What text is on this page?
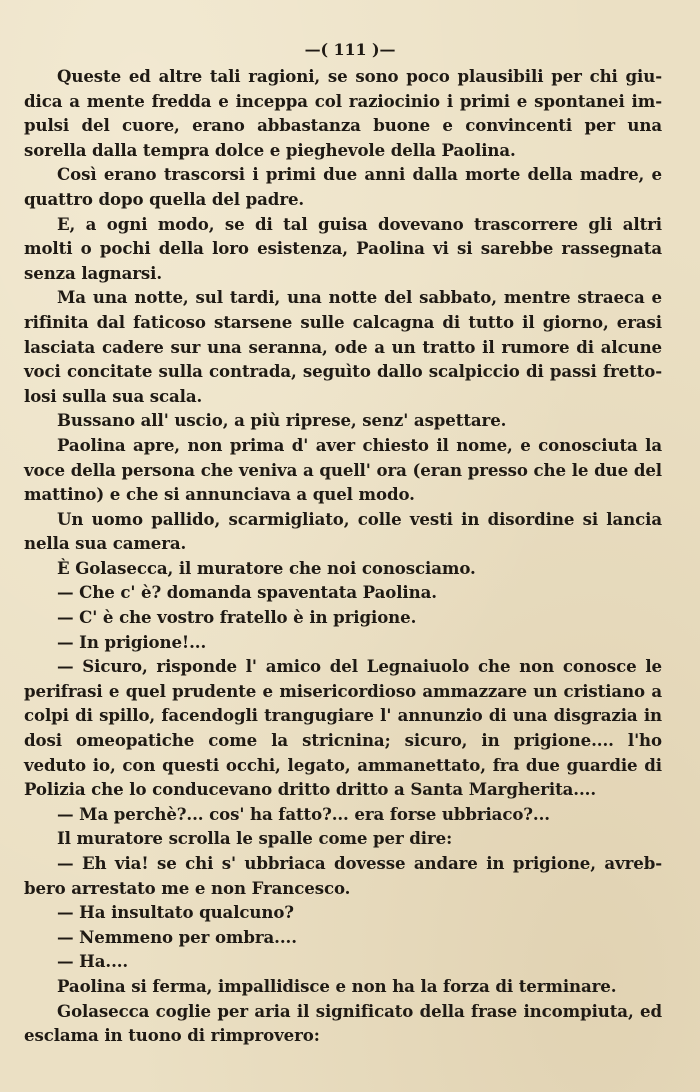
—( 111 )—

Queste ed altre tali ragioni, se sono poco plausibili per chi giu-dica a mente fredda e inceppa col raziocinio i primi e spontanei im-pulsi del cuore, erano abbastanza buone e convincenti per una sorella dalla tempra dolce e pieghevole della Paolina.

Così erano trascorsi i primi due anni dalla morte della madre, e quattro dopo quella del padre.

E, a ogni modo, se di tal guisa dovevano trascorrere gli altri molti o pochi della loro esistenza, Paolina vi si sarebbe rassegnata senza lagnarsi.

Ma una notte, sul tardi, una notte del sabbato, mentre straeca e rifinita dal faticoso starsene sulle calcagna di tutto il giorno, erasi lasciata cadere sur una seranna, ode a un tratto il rumore di alcune voci concitate sulla contrada, seguìto dallo scalpiccio di passi fretto-losi sulla sua scala.

Bussano all' uscio, a più riprese, senz' aspettare.

Paolina apre, non prima d' aver chiesto il nome, e conosciuta la voce della persona che veniva a quell' ora (eran presso che le due del mattino) e che si annunciava a quel modo.

Un uomo pallido, scarmigliato, colle vesti in disordine si lancia nella sua camera.

È Golasecca, il muratore che noi conosciamo.

— Che c' è? domanda spaventata Paolina.

— C' è che vostro fratello è in prigione.

— In prigione!...

— Sicuro, risponde l' amico del Legnaiuolo che non conosce le perifrasi e quel prudente e misericordioso ammazzare un cristiano a colpi di spillo, facendogli trangugiare l' annunzio di una disgrazia in dosi omeopatiche come la stricnina; sicuro, in prigione.... l'ho veduto io, con questi occhi, legato, ammanettato, fra due guardie di Polizia che lo conducevano dritto dritto a Santa Margherita....

— Ma perchè?... cos' ha fatto?... era forse ubbriaco?...

Il muratore scrolla le spalle come per dire:

— Eh via! se chi s' ubbriaca dovesse andare in prigione, avreb-bero arrestato me e non Francesco.

— Ha insultato qualcuno?

— Nemmeno per ombra....

— Ha....

Paolina si ferma, impallidisce e non ha la forza di terminare.

Golasecca coglie per aria il significato della frase incompiuta, ed esclama in tuono di rimprovero:
